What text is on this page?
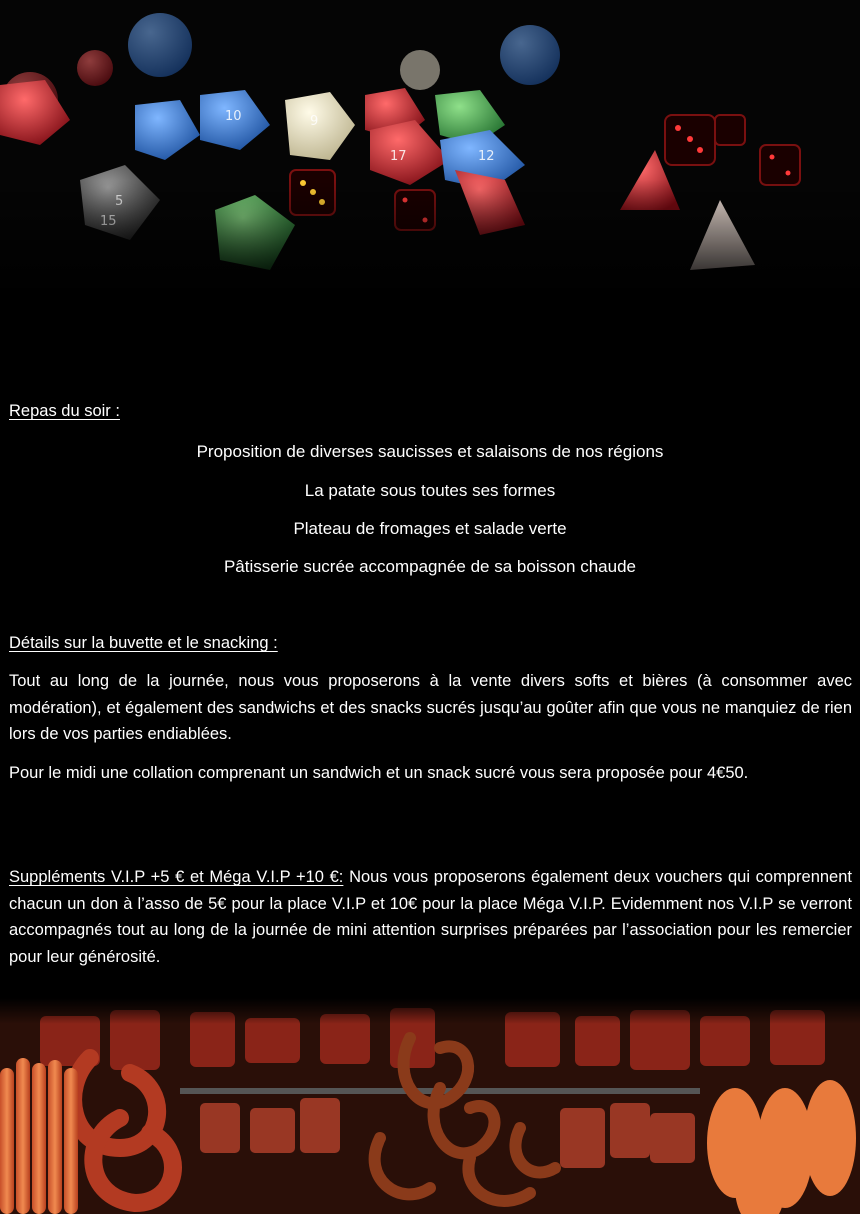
Repas du soir :
Proposition de diverses saucisses et salaisons de nos régions
La patate sous toutes ses formes
Plateau de fromages et salade verte
Pâtisserie sucrée accompagnée de sa boisson chaude
Détails sur la buvette et le snacking :

Tout au long de la journée, nous vous proposerons à la vente divers softs et bières (à consommer avec modération), et également des sandwichs et des snacks sucrés jusqu’au goûter afin que vous ne manquiez de rien lors de vos parties endiablées.

Pour le midi une collation comprenant un sandwich et un snack sucré vous sera proposée pour 4€50.

Suppléments V.I.P +5 € et Méga V.I.P +10 €: Nous vous proposerons également deux vouchers qui comprennent chacun un don à l’asso de 5€ pour la place V.I.P et 10€ pour la place Méga V.I.P. Evidemment nos V.I.P se verront accompagnés tout au long de la journée de mini attention surprises préparées par l’association pour les remercier pour leur générosité.
